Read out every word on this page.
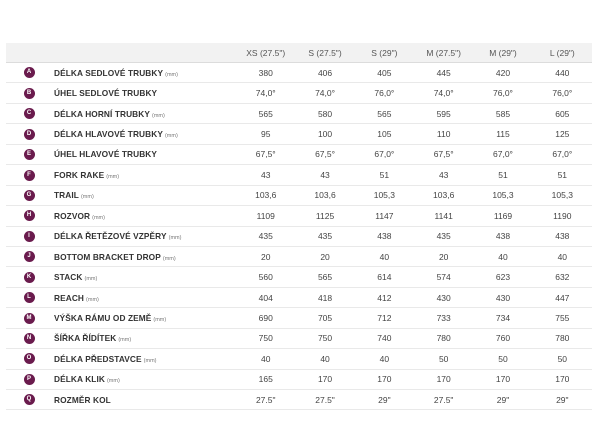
		XS (27.5")	S (27.5")	S (29")	M (27.5")	M (29")	L (29")
A	DÉLKA SEDLOVÉ TRUBKY (mm)	380	406	405	445	420	440
B	ÚHEL SEDLOVÉ TRUBKY	74,0°	74,0°	76,0°	74,0°	76,0°	76,0°
C	DÉLKA HORNÍ TRUBKY (mm)	565	580	565	595	585	605
D	DÉLKA HLAVOVÉ TRUBKY (mm)	95	100	105	110	115	125
E	ÚHEL HLAVOVÉ TRUBKY	67,5°	67,5°	67,0°	67,5°	67,0°	67,0°
F	FORK RAKE (mm)	43	43	51	43	51	51
G	TRAIL (mm)	103,6	103,6	105,3	103,6	105,3	105,3
H	ROZVOR (mm)	1109	1125	1147	1141	1169	1190
I	DÉLKA ŘETĚZOVÉ VZPĚRY (mm)	435	435	438	435	438	438
J	BOTTOM BRACKET DROP (mm)	20	20	40	20	40	40
K	STACK (mm)	560	565	614	574	623	632
L	REACH (mm)	404	418	412	430	430	447
M	VÝŠKA RÁMU OD ZEMĚ (mm)	690	705	712	733	734	755
N	ŠÍŘKA ŘÍDÍTEK (mm)	750	750	740	780	760	780
O	DÉLKA PŘEDSTAVCE (mm)	40	40	40	50	50	50
P	DÉLKA KLIK (mm)	165	170	170	170	170	170
Q	ROZMĚR KOL	27.5"	27.5"	29"	27.5"	29"	29"
